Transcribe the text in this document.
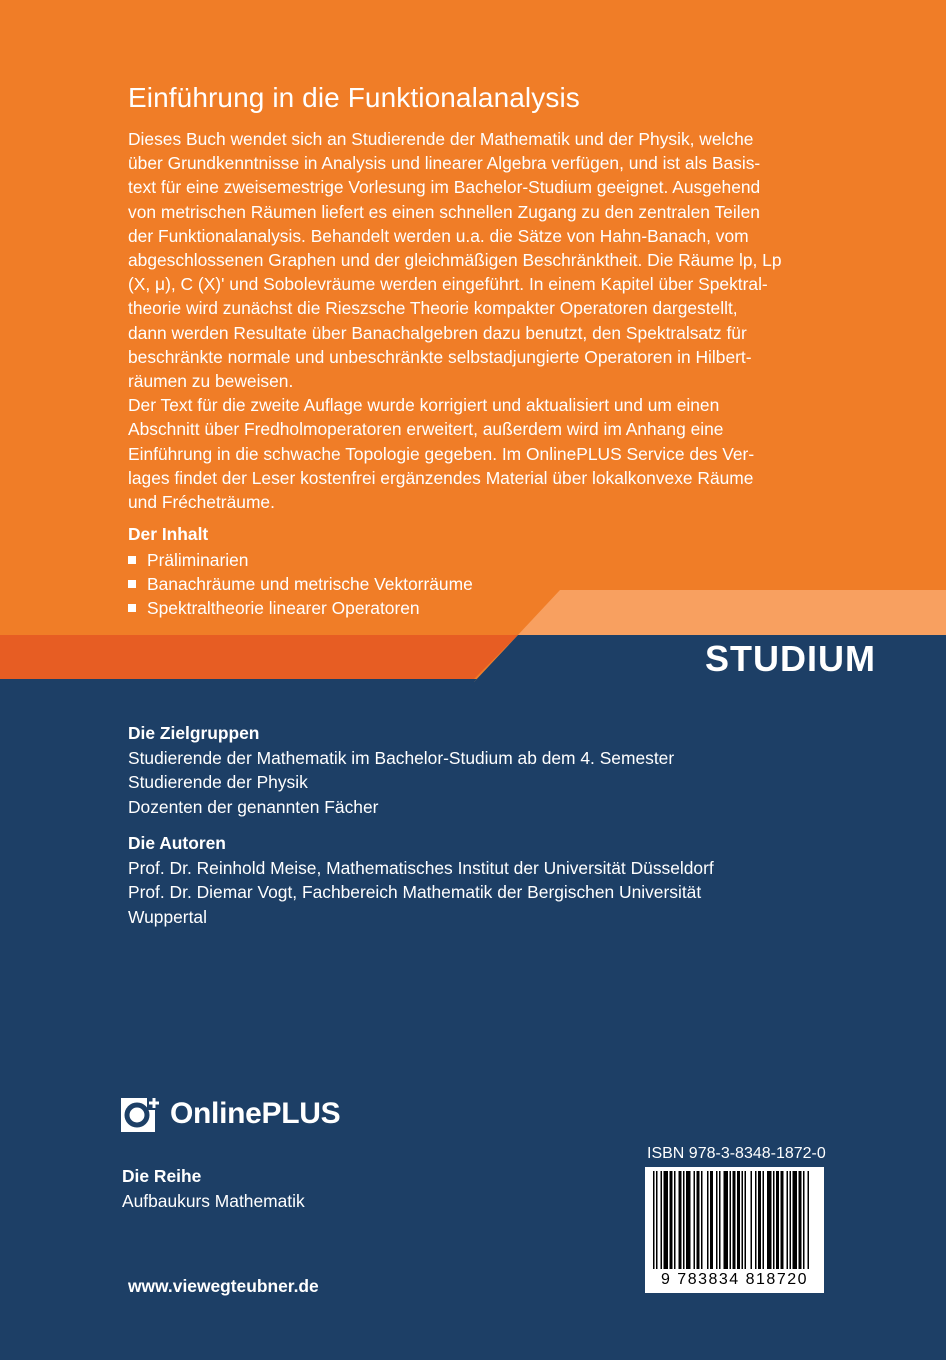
Einführung in die Funktionalanalysis
Dieses Buch wendet sich an Studierende der Mathematik und der Physik, welche
über Grundkenntnisse in Analysis und linearer Algebra verfügen, und ist als Basis-
text für eine zweisemestrige Vorlesung im Bachelor-Studium geeignet. Ausgehend
von metrischen Räumen liefert es einen schnellen Zugang zu den zentralen Teilen
der Funktionalanalysis. Behandelt werden u.a. die Sätze von Hahn-Banach, vom
abgeschlossenen Graphen und der gleichmäßigen Beschränktheit. Die Räume lp, Lp
(X, μ), C (X)' und Sobolevräume werden eingeführt. In einem Kapitel über Spektral-
theorie wird zunächst die Rieszsche Theorie kompakter Operatoren dargestellt,
dann werden Resultate über Banachalgebren dazu benutzt, den Spektralsatz für
beschränkte normale und unbeschränkte selbstadjungierte Operatoren in Hilbert-
räumen zu beweisen.
Der Text für die zweite Auflage wurde korrigiert und aktualisiert und um einen
Abschnitt über Fredholmoperatoren erweitert, außerdem wird im Anhang eine
Einführung in die schwache Topologie gegeben. Im OnlinePLUS Service des Ver-
lages findet der Leser kostenfrei ergänzendes Material über lokalkonvexe Räume
und Frécheträume.
Der Inhalt
Präliminarien
Banachräume und metrische Vektorräume
Spektraltheorie linearer Operatoren
STUDIUM
Die Zielgruppen
Studierende der Mathematik im Bachelor-Studium ab dem 4. Semester
Studierende der Physik
Dozenten der genannten Fächer
Die Autoren
Prof. Dr. Reinhold Meise, Mathematisches Institut der Universität Düsseldorf
Prof. Dr. Diemar Vogt, Fachbereich Mathematik der Bergischen Universität
Wuppertal
OnlinePLUS
Die Reihe
Aufbaukurs Mathematik
www.viewegteubner.de
ISBN 978-3-8348-1872-0
9 783834 818720
